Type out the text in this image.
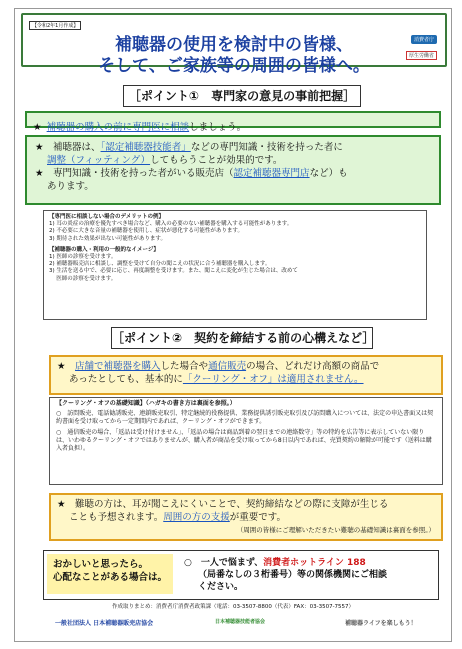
【令和2年1月作成】
補聴器の使用を検討中の皆様、
そして、ご家族等の周囲の皆様へ。
消費者庁
厚生労働省
［ポイント①　専門家の意見の事前把握］
★ 補聴器の購入の前に専門医に相談しましょう。
★　補聴器は、「認定補聴器技能者」などの専門知識・技術を持った者に
調整（フィッティング）してもらうことが効果的です。
★　専門知識・技術を持った者がいる販売店（認定補聴器専門店など）も
あります。
【専門医に相談しない場合のデメリットの例】
1) 耳の炎症の治療を優先すべき場合など、購入の必要のない補聴器を購入する可能性があります。
2) 不必要に大きな音量の補聴器を使用し、症状が悪化する可能性があります。
3) 期待された効果が出ない可能性があります。
【補聴器の購入・利用の一般的なイメージ】
1) 医師の診察を受けます。
2) 補聴器販売店に相談し、調整を受けて自分の聞こえの状況に合う補聴器を購入します。
3) 生活を送る中で、必要に応じ、再度調整を受けます。また、聞こえに変化が生じた場合は、改めて
　 医師の診察を受けます。
［ポイント②　契約を締結する前の心構えなど］
★　店舗で補聴器を購入した場合や通信販売の場合、どれだけ高額の商品で
あったとしても、基本的に「クーリング・オフ」は適用されません。
【クーリング・オフの基礎知識】（ハガキの書き方は裏面を参照。）
○　訪問販売、電話勧誘販売、連鎖販売取引、特定継続的役務提供、業務提供誘引販売取引及び訪問購入については、法定の申込書面又は契約書面を受け取ってから一定期間内であれば、クーリング・オフができます。
○　通信販売の場合、「返品は受け付けません」、「返品の場合は商品到着の翌日までの連絡数守」等の特約を広告等に表示していない限りは、いわゆるクーリング・オフではありませんが、購入者が商品を受け取ってから8日以内であれば、売買契約の解除が可能です（送料は購入者負担）。
★　難聴の方は、耳が聞こえにくいことで、契約締結などの際に支障が生じる
ことも予想されます。周囲の方の支援が重要です。
（周囲の皆様にご理解いただきたい難聴の基礎知識は裏面を参照。）
おかしいと思ったら。
心配なことがある場合は。
○　一人で悩まず、消費者ホットライン 188
（局番なしの３桁番号）等の関係機関にご相談
ください。
作成取りまとめ：消費者庁消費者政策課（電話：03-3507-8800（代表）FAX：03-3507-7557）
一般社団法人 日本補聴器販売店協会	日本補聴器技能者協会	補聴器ライフを楽しもう！
